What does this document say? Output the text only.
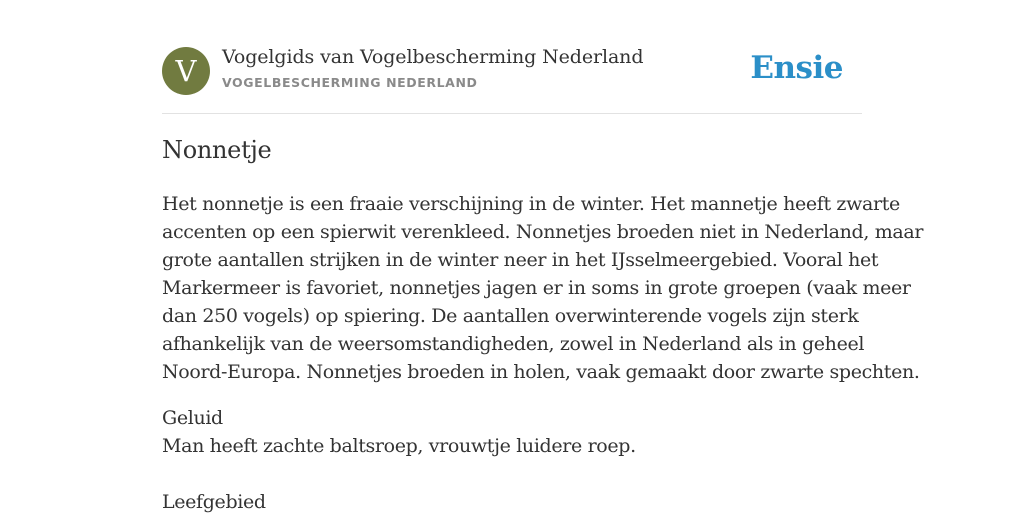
V	Vogelgids van Vogelbescherming Nederland
VOGELBESCHERMING NEDERLAND	Ensie
Nonnetje

Het nonnetje is een fraaie verschijning in de winter. Het mannetje heeft zwarte
accenten op een spierwit verenkleed. Nonnetjes broeden niet in Nederland, maar
grote aantallen strijken in de winter neer in het IJsselmeergebied. Vooral het
Markermeer is favoriet, nonnetjes jagen er in soms in grote groepen (vaak meer
dan 250 vogels) op spiering. De aantallen overwinterende vogels zijn sterk
afhankelijk van de weersomstandigheden, zowel in Nederland als in geheel
Noord-Europa. Nonnetjes broeden in holen, vaak gemaakt door zwarte spechten.

Geluid
Man heeft zachte baltsroep, vrouwtje luidere roep.
Leefgebied
